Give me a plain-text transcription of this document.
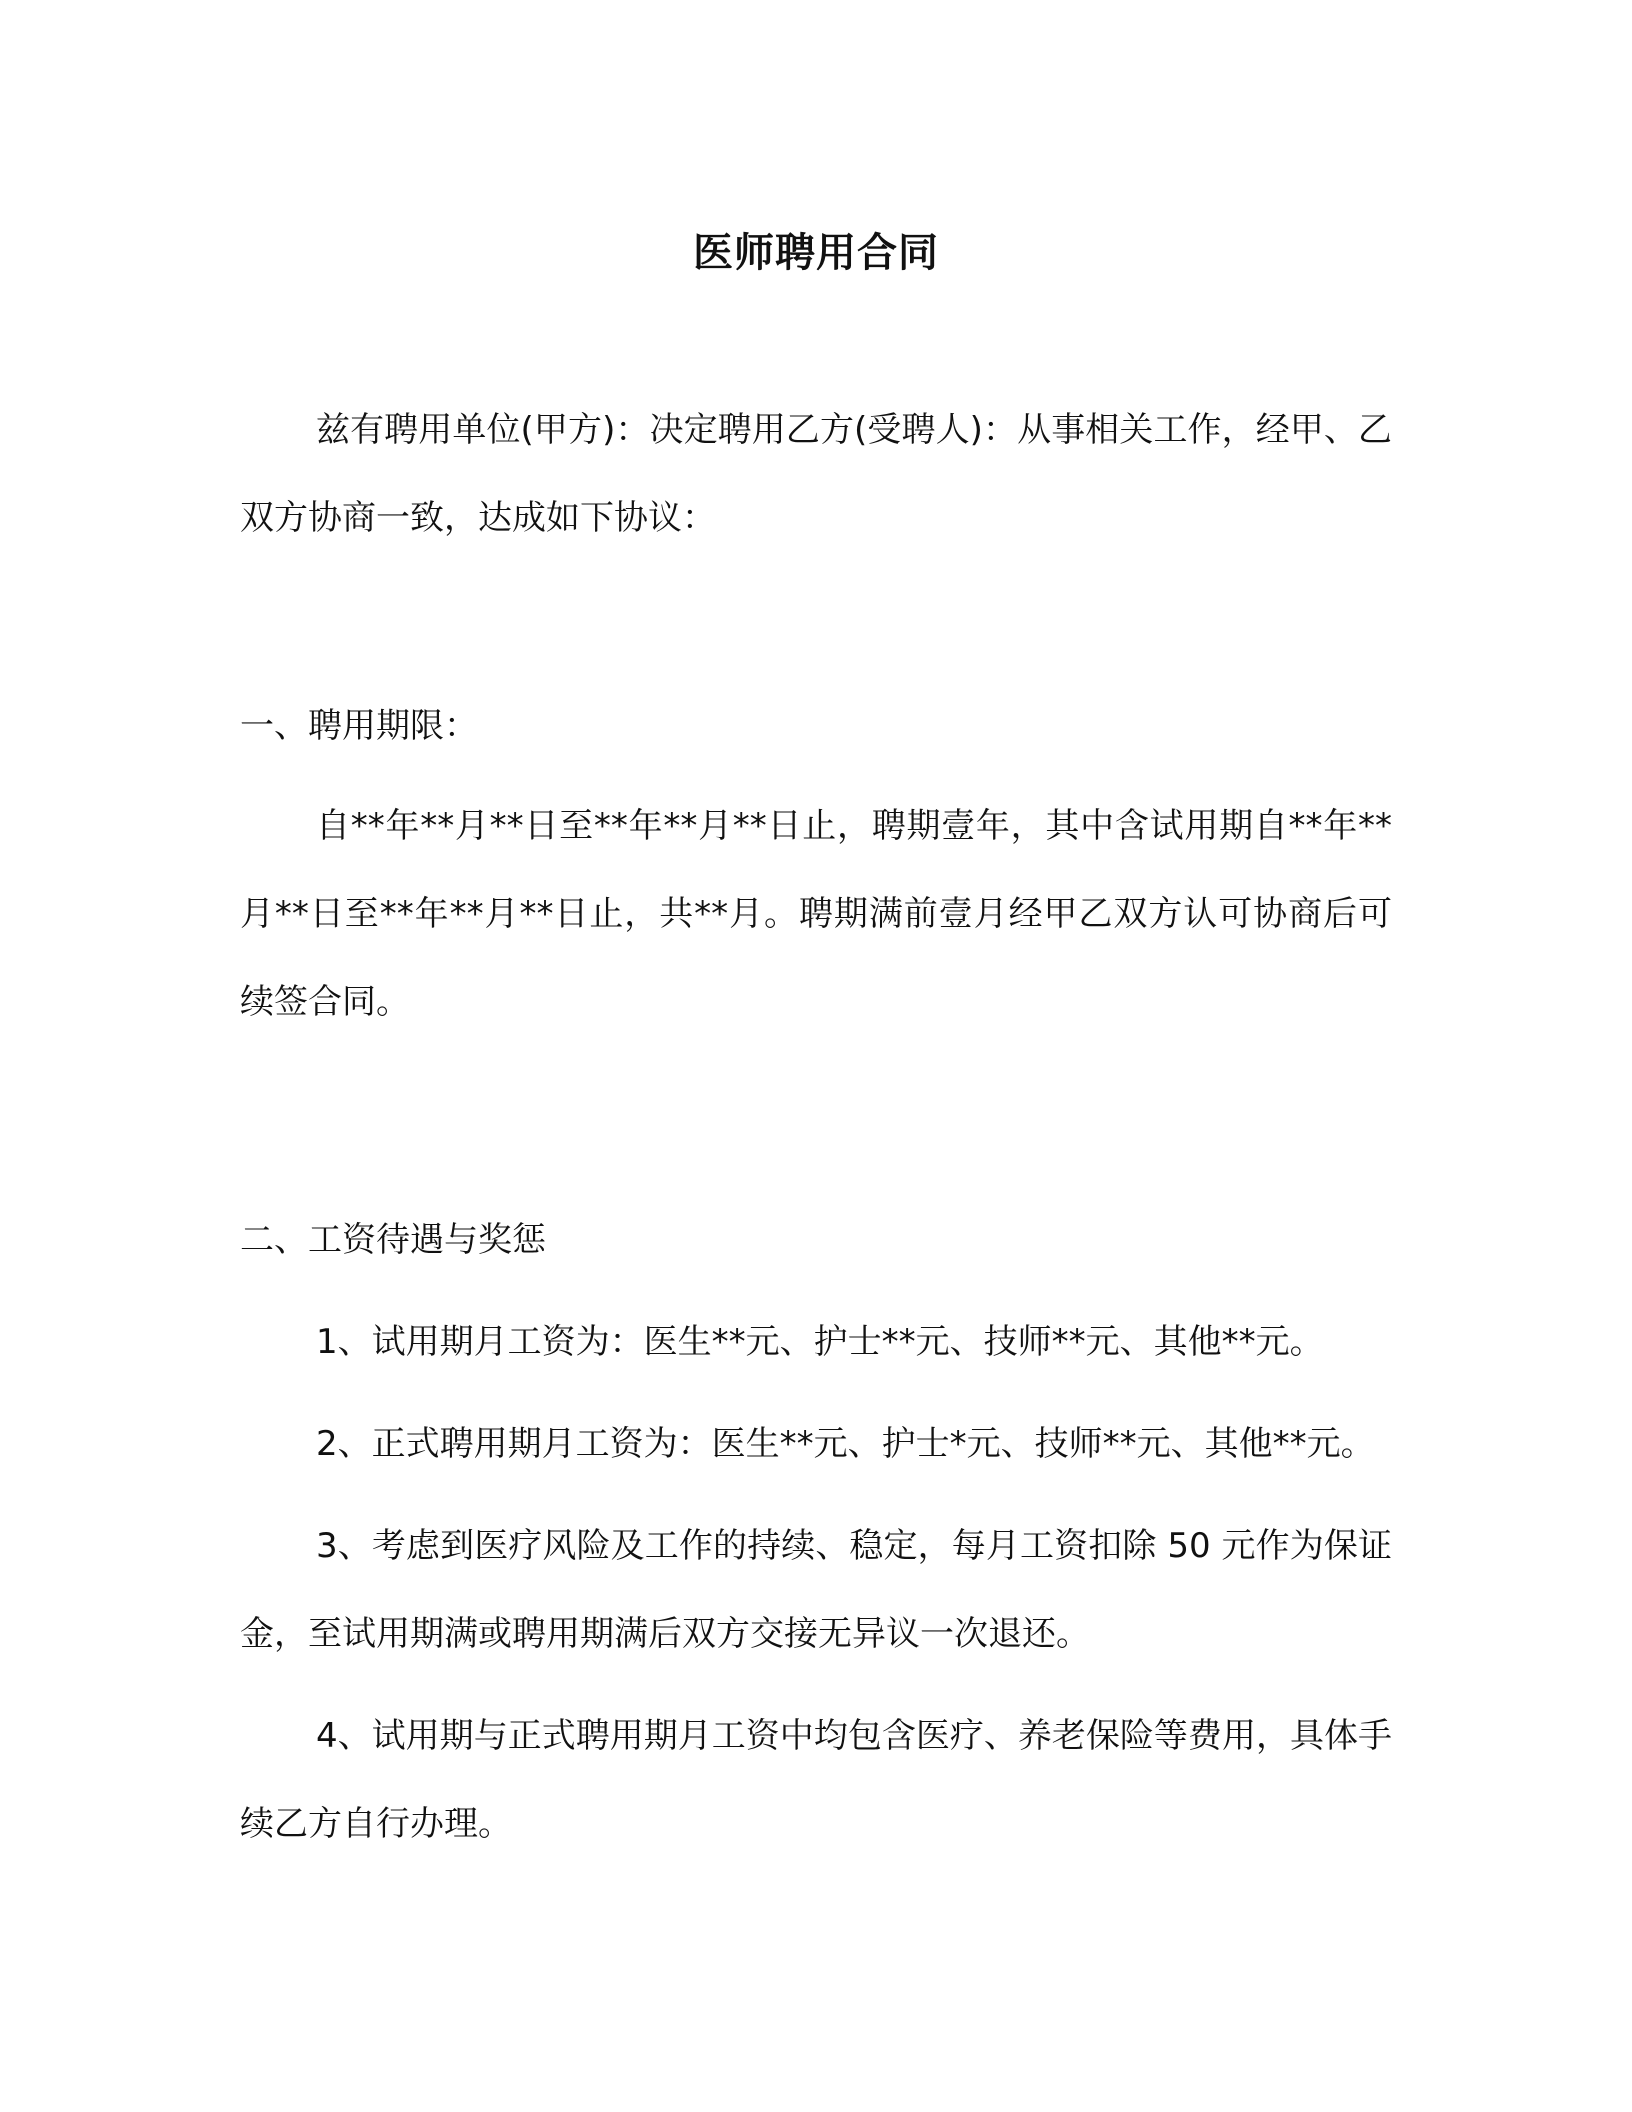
医师聘用合同

兹有聘用单位(甲方)：决定聘用乙方(受聘人)：从事相关工作，经甲、乙双方协商一致，达成如下协议：

一、聘用期限：

自**年**月**日至**年**月**日止，聘期壹年，其中含试用期自**年**月**日至**年**月**日止，共**月。聘期满前壹月经甲乙双方认可协商后可续签合同。

二、工资待遇与奖惩

1、试用期月工资为：医生**元、护士**元、技师**元、其他**元。

2、正式聘用期月工资为：医生**元、护士*元、技师**元、其他**元。

3、考虑到医疗风险及工作的持续、稳定，每月工资扣除 50 元作为保证金，至试用期满或聘用期满后双方交接无异议一次退还。

4、试用期与正式聘用期月工资中均包含医疗、养老保险等费用，具体手续乙方自行办理。
